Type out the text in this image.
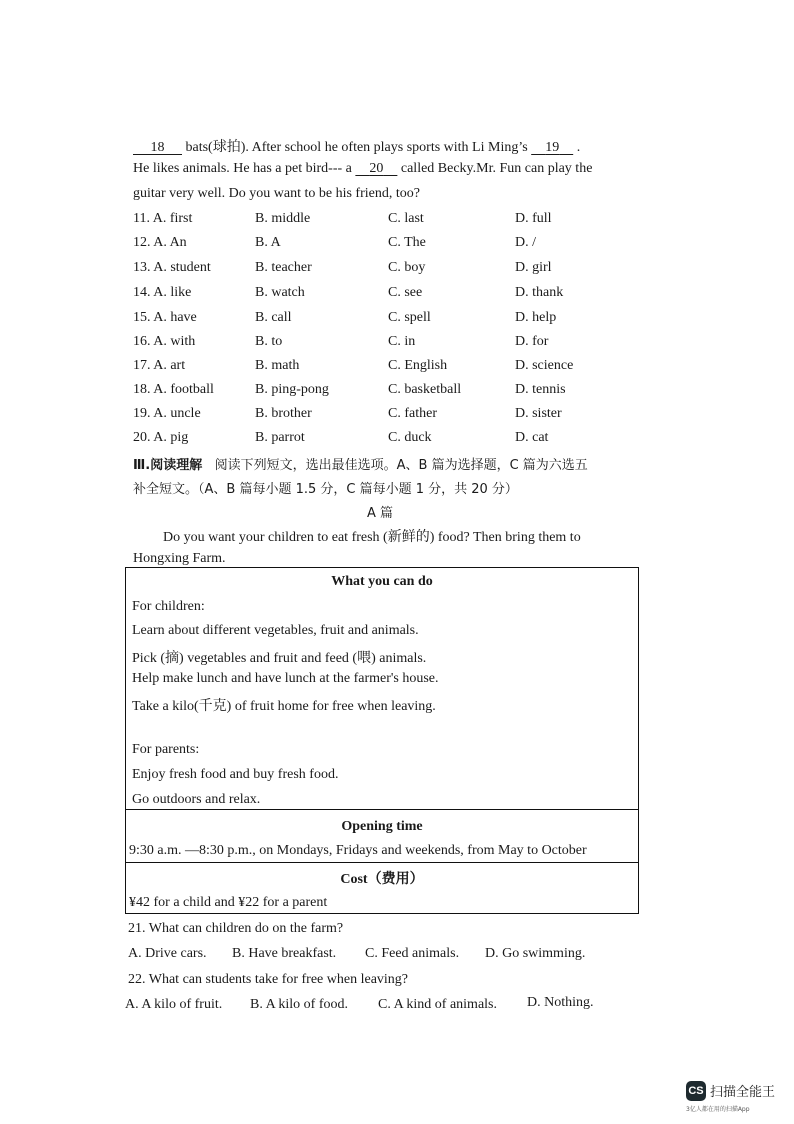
18 bats(球拍). After school he often plays sports with Li Ming’s 19 .
He likes animals. He has a pet bird--- a 20 called Becky.Mr. Fun can play the
guitar very well. Do you want to be his friend, too?
11. A. first	B. middle	C. last	D. full
12. A. An	B. A	C. The	D. /
13. A. student	B. teacher	C. boy	D. girl
14. A. like	B. watch	C. see	D. thank
15. A. have	B. call	C. spell	D. help
16. A. with	B. to	C. in	D. for
17. A. art	B. math	C. English	D. science
18. A. football	B. ping-pong	C. basketball	D. tennis
19. A. uncle	B. brother	C. father	D. sister
20. A. pig	B. parrot	C. duck	D. cat
Ⅲ.阅读理解 阅读下列短文，选出最佳选项。A、B 篇为选择题，C 篇为六选五
补全短文。（A、B 篇每小题 1.5 分，C 篇每小题 1 分，共 20 分）
A 篇
Do you want your children to eat fresh (新鲜的) food? Then bring them to
Hongxing Farm.
What you can do
For children:
Learn about different vegetables, fruit and animals.
Pick (摘) vegetables and fruit and feed (喂) animals.
Help make lunch and have lunch at the farmer's house.
Take a kilo(千克) of fruit home for free when leaving.
For parents:
Enjoy fresh food and buy fresh food.
Go outdoors and relax.
Opening time
9:30 a.m. —8:30 p.m., on Mondays, Fridays and weekends, from May to October
Cost（费用）
¥42 for a child and ¥22 for a parent
21. What can children do on the farm?
A. Drive cars. B. Have breakfast. C. Feed animals. D. Go swimming.
22. What can students take for free when leaving?
A. A kilo of fruit. B. A kilo of food. C. A kind of animals. D. Nothing.
CS 扫描全能王
3亿人都在用的扫描App
